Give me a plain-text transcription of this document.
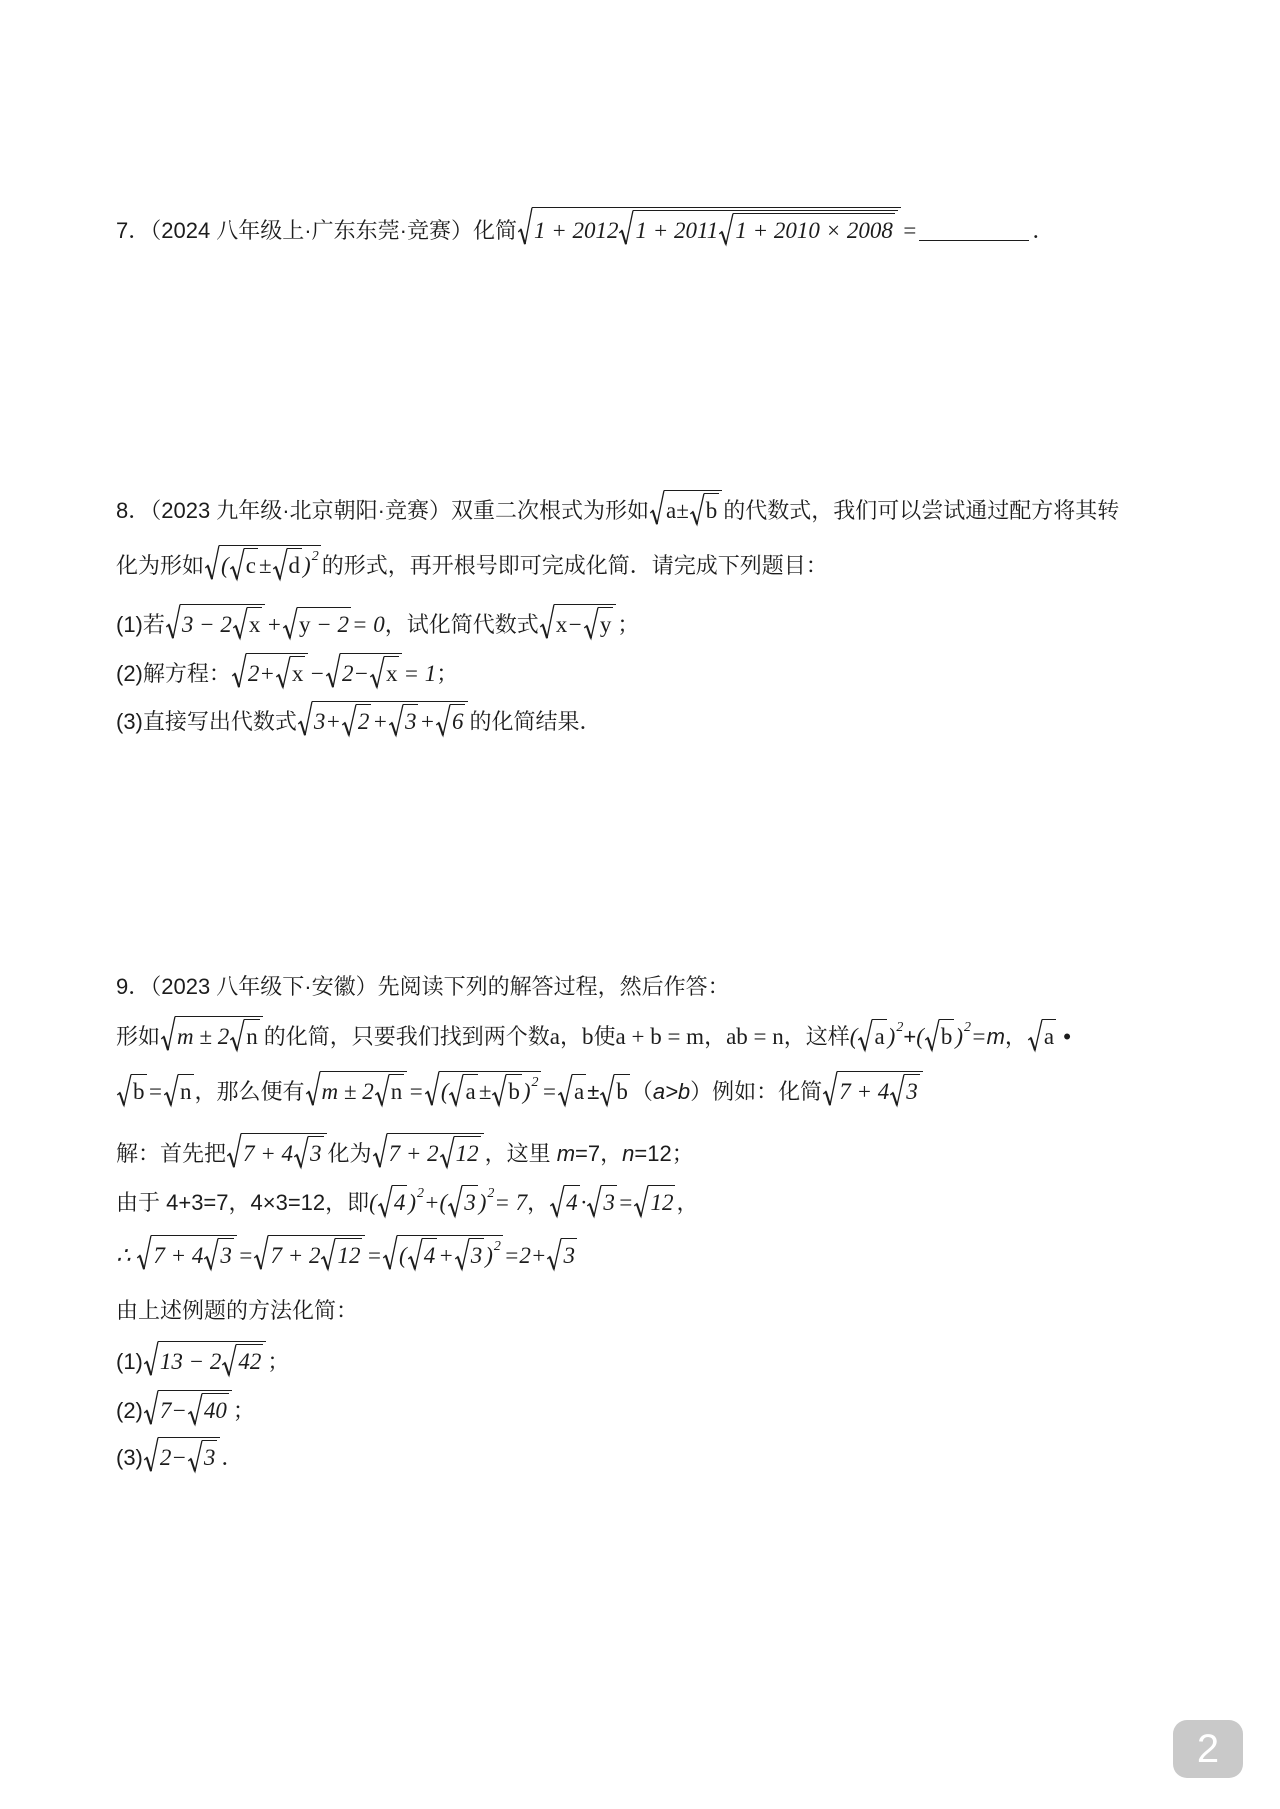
7．（2024 八年级上·广东东莞·竞赛）化简 1 + 2012 1 + 2011 1 + 2010 × 2008 =	．
8．（2023 九年级·北京朝阳·竞赛）双重二次根式为形如 a± b 的代数式，我们可以尝试通过配方将其转
化为形如 ( c ± d )$^2$ 的形式，再开根号即可完成化简．请完成下列题目：
(1)若 3 − 2 x + y − 2 = 0，试化简代数式 x− y ；
(2)解方程： 2+ x − 2− x = 1；
(3)直接写出代数式 3+ 2 + 3 + 6 的化简结果．
9．（2023 八年级下·安徽）先阅读下列的解答过程，然后作答：
形如 m ± 2 n 的化简，只要我们找到两个数a，b使a + b = m，ab = n，这样( a )$^2$+( b )$^2$=m， a •
b = n ，那么便有 m ± 2 n = ( a ± b )$^2$ = a ± b （a>b）例如：化简 7 + 4 3
解：首先把 7 + 4 3 化为 7 + 2 12 ，这里 m=7，n=12；
由于 4+3=7，4×3=12，即( 4 )$^2$+( 3 )$^2$= 7， 4 · 3 = 12 ，
∴
7 + 4 3 = 7 + 2 12 = ( 4 + 3 )$^2$ =2+ 3
由上述例题的方法化简：
(1) 13 − 2 42 ；
(2) 7− 40 ；
(3) 2− 3 ．
2
